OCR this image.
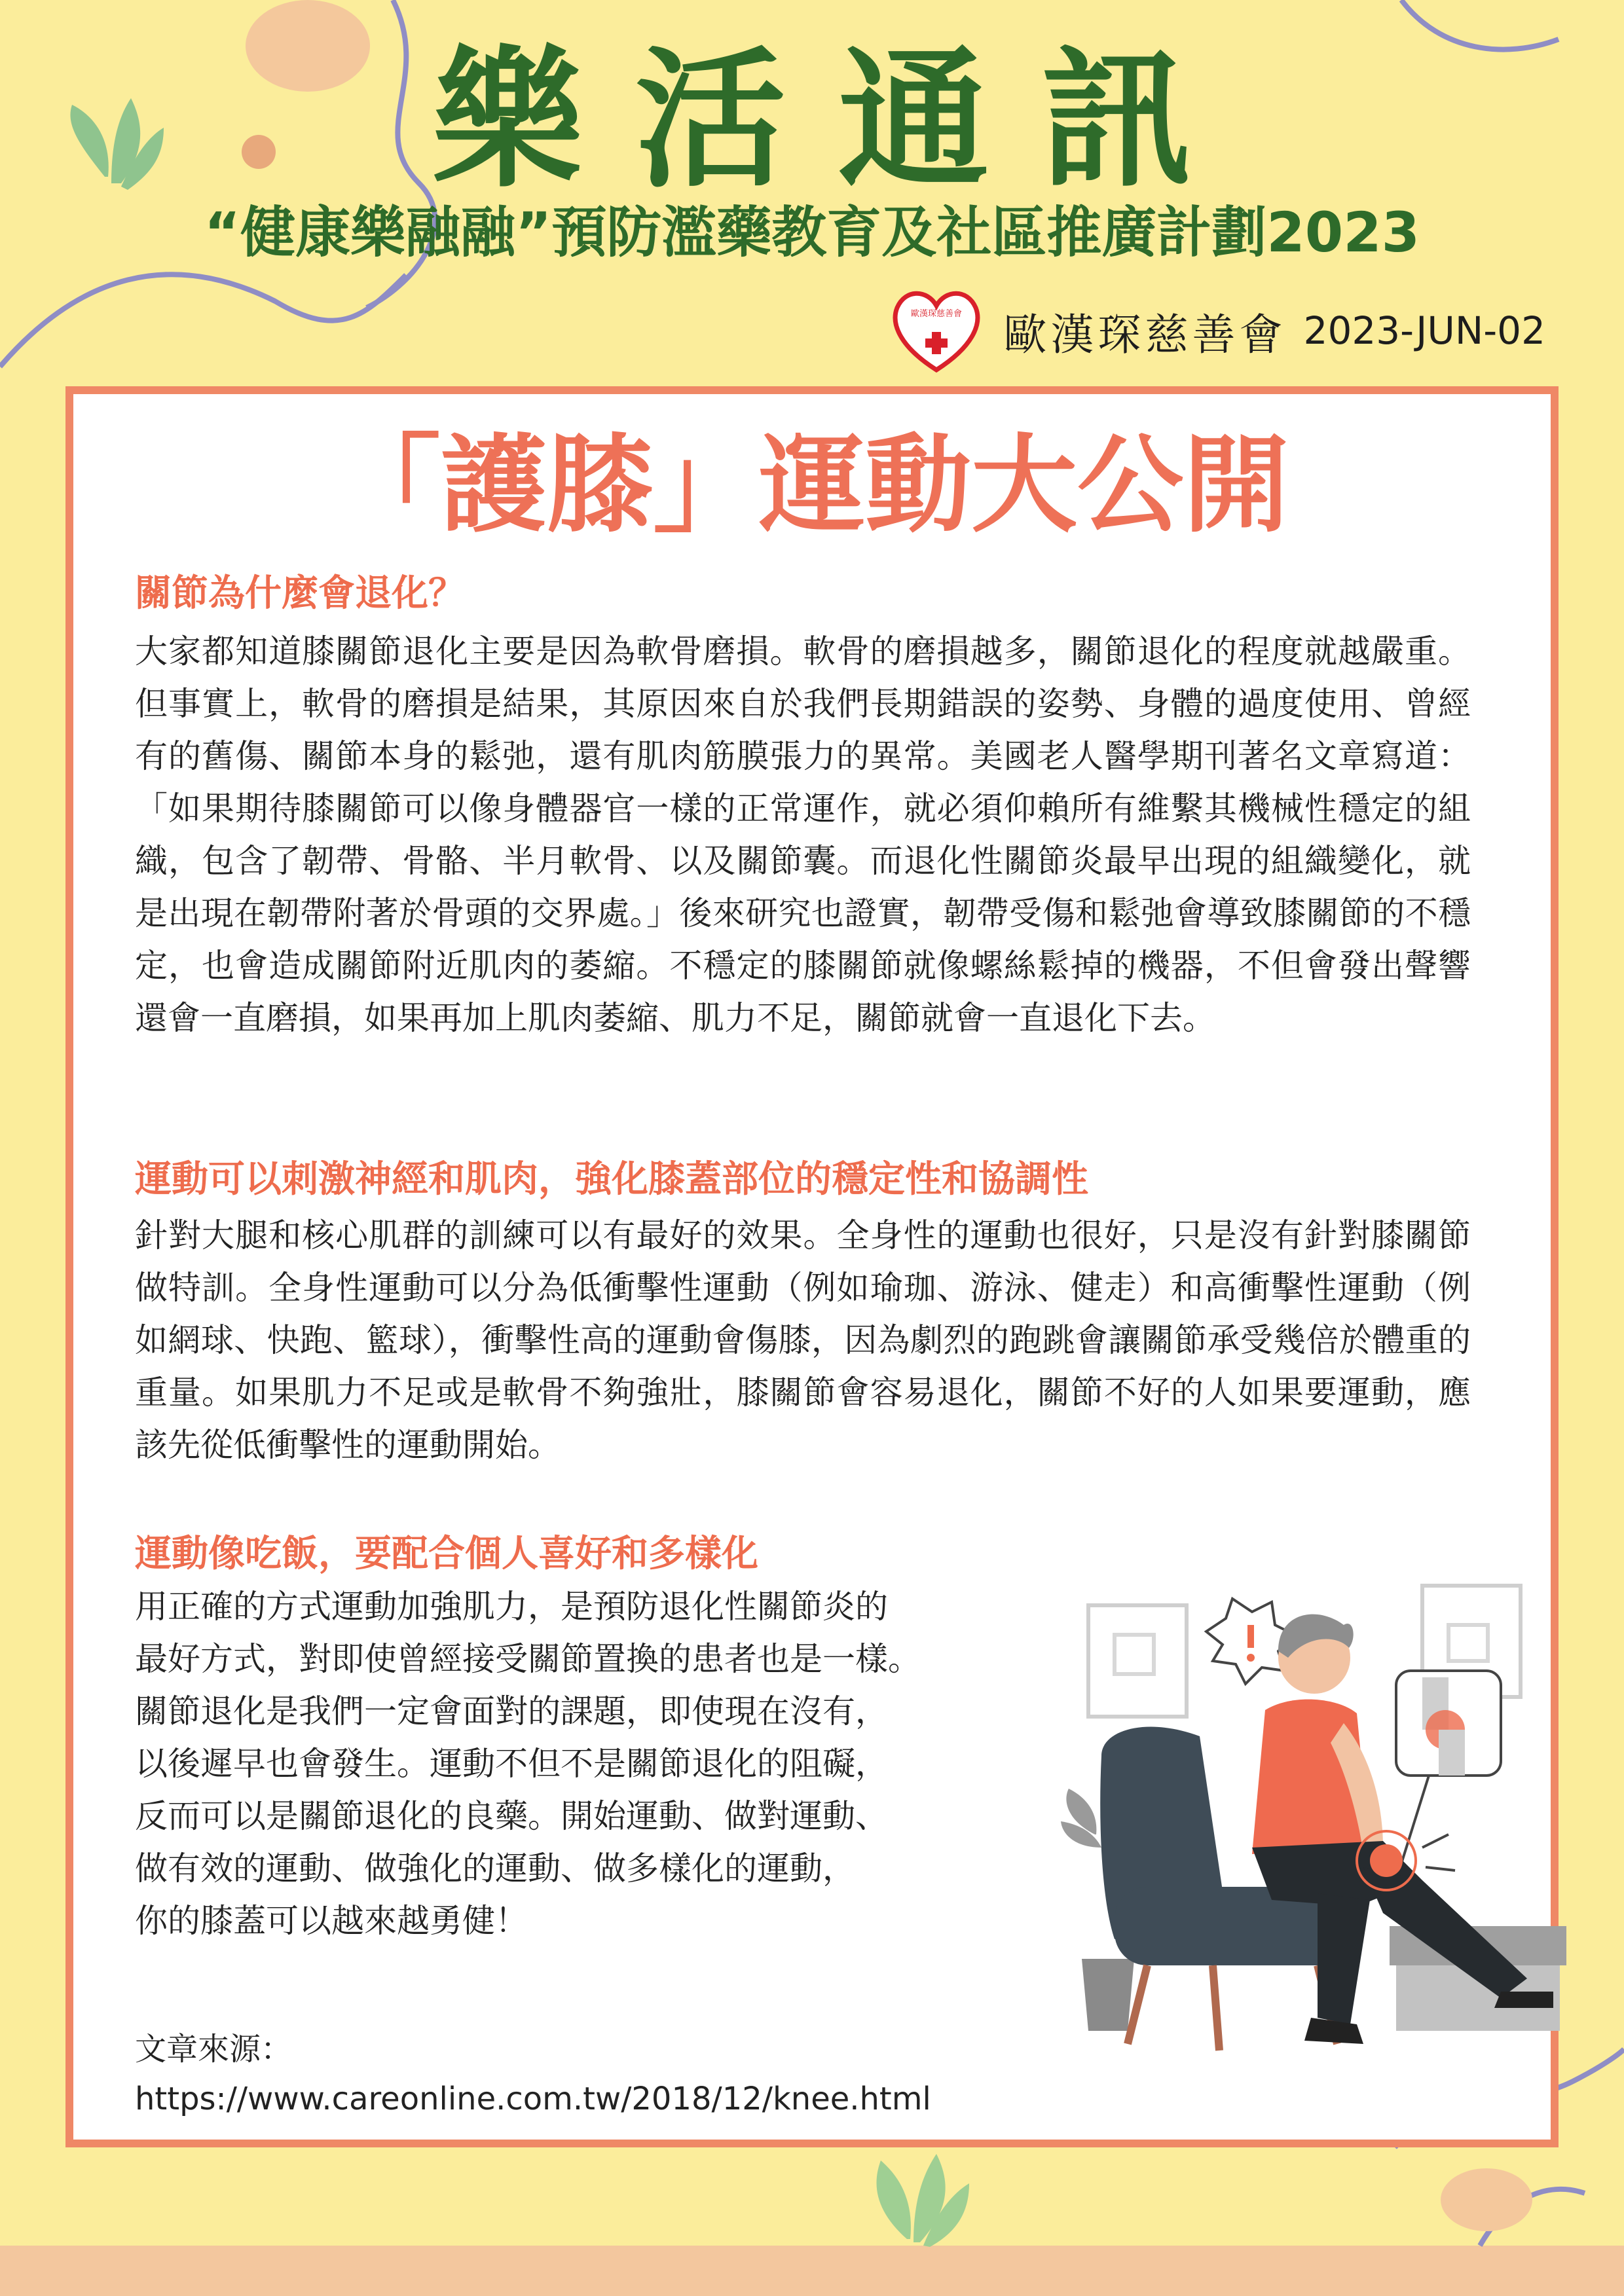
樂活通訊
“健康樂融融”預防濫藥教育及社區推廣計劃2023
歐漢琛慈善會 歐漢琛慈善會 2023-JUN-02
「護膝」運動大公開
關節為什麼會退化？

大家都知道膝關節退化主要是因為軟骨磨損。軟骨的磨損越多，關節退化的程度就越嚴重。但事實上，軟骨的磨損是結果，其原因來自於我們長期錯誤的姿勢、身體的過度使用、曾經有的舊傷、關節本身的鬆弛，還有肌肉筋膜張力的異常。美國老人醫學期刊著名文章寫道：「如果期待膝關節可以像身體器官一樣的正常運作，就必須仰賴所有維繫其機械性穩定的組織，包含了韌帶、骨骼、半月軟骨、以及關節囊。而退化性關節炎最早出現的組織變化，就是出現在韌帶附著於骨頭的交界處。」後來研究也證實，韌帶受傷和鬆弛會導致膝關節的不穩定，也會造成關節附近肌肉的萎縮。不穩定的膝關節就像螺絲鬆掉的機器，不但會發出聲響還會一直磨損，如果再加上肌肉萎縮、肌力不足，關節就會一直退化下去。

運動可以刺激神經和肌肉，強化膝蓋部位的穩定性和協調性

針對大腿和核心肌群的訓練可以有最好的效果。全身性的運動也很好，只是沒有針對膝關節做特訓。全身性運動可以分為低衝擊性運動（例如瑜珈、游泳、健走）和高衝擊性運動（例如網球、快跑、籃球），衝擊性高的運動會傷膝，因為劇烈的跑跳會讓關節承受幾倍於體重的重量。如果肌力不足或是軟骨不夠強壯，膝關節會容易退化，關節不好的人如果要運動，應該先從低衝擊性的運動開始。

運動像吃飯，要配合個人喜好和多樣化

用正確的方式運動加強肌力，是預防退化性關節炎的
最好方式，對即使曾經接受關節置換的患者也是一樣。
關節退化是我們一定會面對的課題，即使現在沒有，
以後遲早也會發生。運動不但不是關節退化的阻礙，
反而可以是關節退化的良藥。開始運動、做對運動、
做有效的運動、做強化的運動、做多樣化的運動，
你的膝蓋可以越來越勇健！

文章來源：
https://www.careonline.com.tw/2018/12/knee.html
